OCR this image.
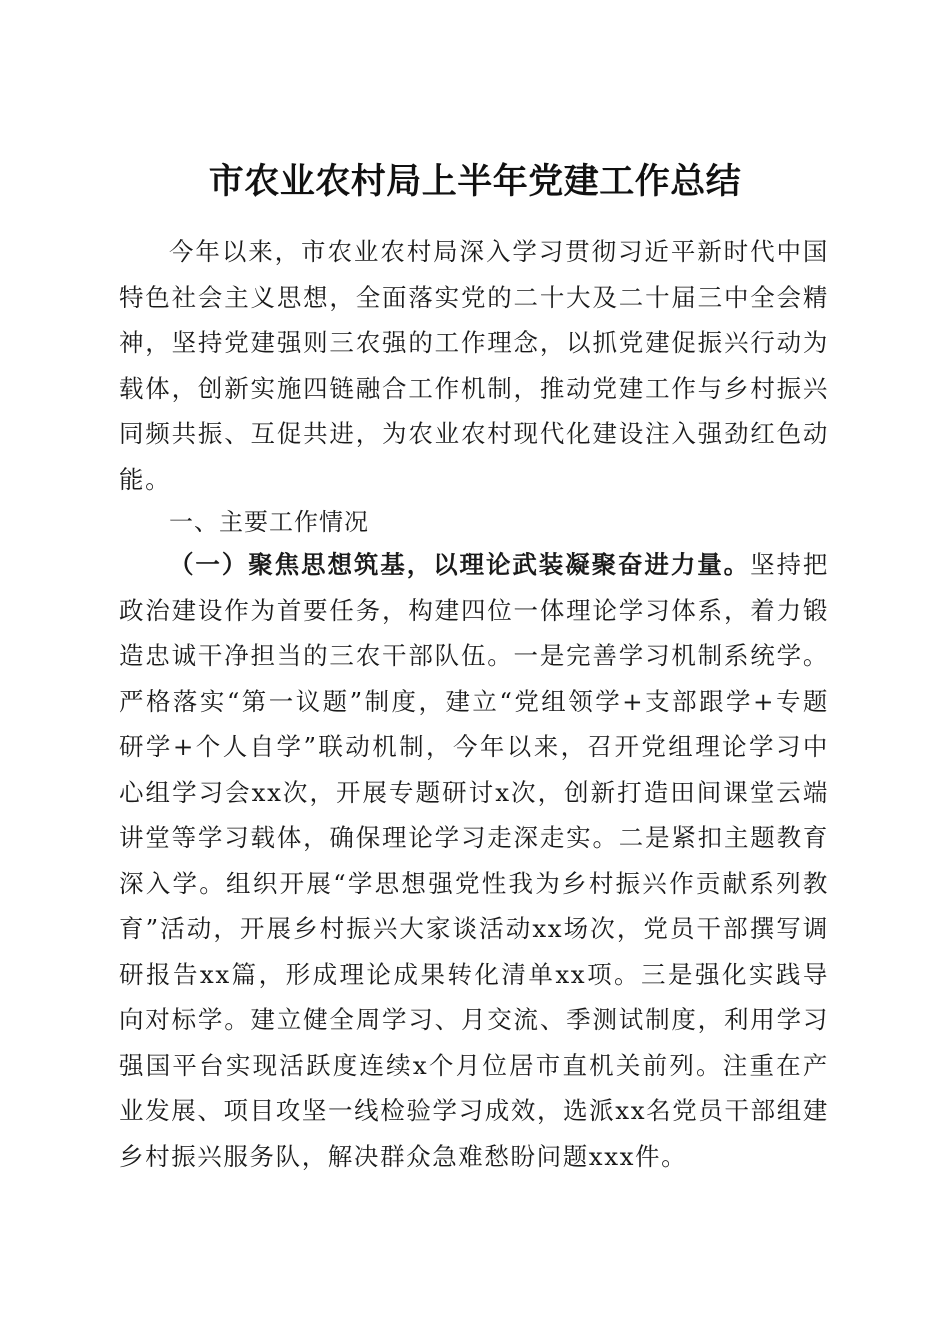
市农业农村局上半年党建工作总结

今年以来，市农业农村局深入学习贯彻习近平新时代中国特色社会主义思想，全面落实党的二十大及二十届三中全会精神，坚持党建强则三农强的工作理念，以抓党建促振兴行动为载体，创新实施四链融合工作机制，推动党建工作与乡村振兴同频共振、互促共进，为农业农村现代化建设注入强劲红色动能。

一、主要工作情况

（一）聚焦思想筑基，以理论武装凝聚奋进力量。坚持把政治建设作为首要任务，构建四位一体理论学习体系，着力锻造忠诚干净担当的三农干部队伍。一是完善学习机制系统学。严格落实“第一议题”制度，建立“党组领学+支部跟学+专题研学+个人自学”联动机制，今年以来，召开党组理论学习中心组学习会xx次，开展专题研讨x次，创新打造田间课堂云端讲堂等学习载体，确保理论学习走深走实。二是紧扣主题教育深入学。组织开展“学思想强党性我为乡村振兴作贡献系列教育”活动，开展乡村振兴大家谈活动xx场次，党员干部撰写调研报告xx篇，形成理论成果转化清单xx项。三是强化实践导向对标学。建立健全周学习、月交流、季测试制度，利用学习强国平台实现活跃度连续x个月位居市直机关前列。注重在产业发展、项目攻坚一线检验学习成效，选派xx名党员干部组建乡村振兴服务队，解决群众急难愁盼问题xxx件。
